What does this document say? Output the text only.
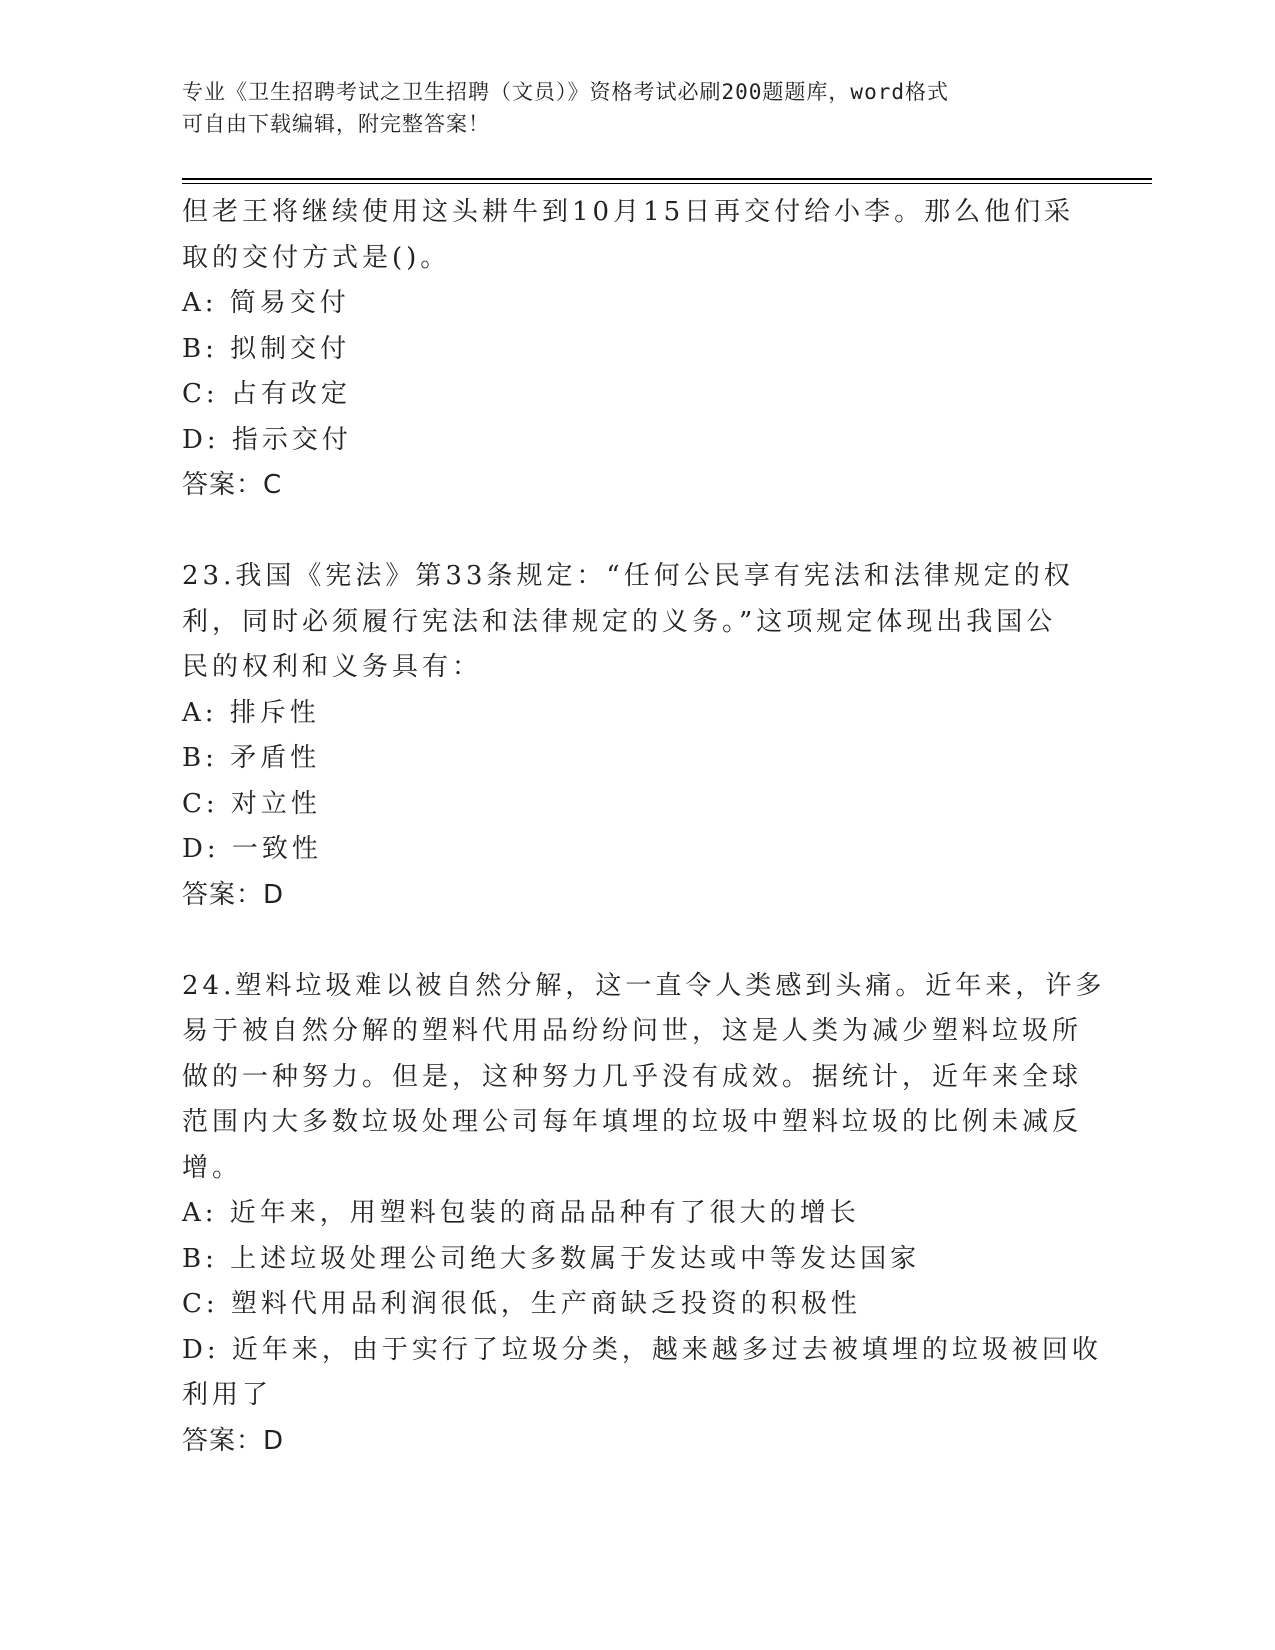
专业《卫生招聘考试之卫生招聘（文员）》资格考试必刷200题题库，word格式
可自由下载编辑，附完整答案！
但老王将继续使用这头耕牛到10月15日再交付给小李。那么他们采
取的交付方式是()。
A: 简易交付
B: 拟制交付
C: 占有改定
D: 指示交付
答案：C
23.我国《宪法》第33条规定：“任何公民享有宪法和法律规定的权
利，同时必须履行宪法和法律规定的义务。”这项规定体现出我国公
民的权利和义务具有：
A: 排斥性
B: 矛盾性
C: 对立性
D: 一致性
答案：D
24.塑料垃圾难以被自然分解，这一直令人类感到头痛。近年来，许多
易于被自然分解的塑料代用品纷纷问世，这是人类为减少塑料垃圾所
做的一种努力。但是，这种努力几乎没有成效。据统计，近年来全球
范围内大多数垃圾处理公司每年填埋的垃圾中塑料垃圾的比例未减反
增。
A: 近年来，用塑料包装的商品品种有了很大的增长
B: 上述垃圾处理公司绝大多数属于发达或中等发达国家
C: 塑料代用品利润很低，生产商缺乏投资的积极性
D: 近年来，由于实行了垃圾分类，越来越多过去被填埋的垃圾被回收
利用了
答案：D
